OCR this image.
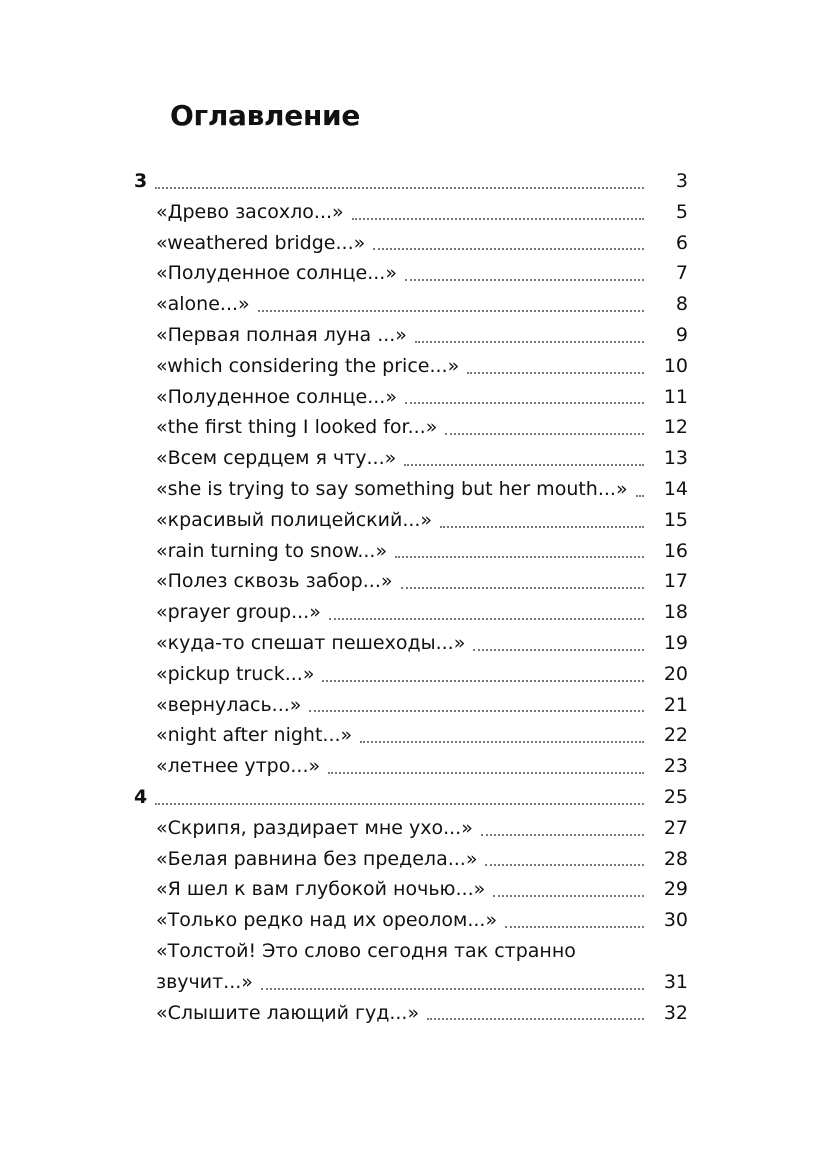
Оглавление
3	3
«Древо засохло...»	5
«weathered bridge...»	6
«Полуденное солнце...»	7
«alone...»	8
«Первая полная луна ...»	9
«which considering the price...»	10
«Полуденное солнце...»	11
«the first thing I looked for...»	12
«Всем сердцем я чту...»	13
«she is trying to say something but her mouth...» 14
«красивый полицейский...»	15
«rain turning to snow...»	16
«Полез сквозь забор...»	17
«prayer group...»	18
«куда-то спешат пешеходы...»	19
«pickup truck...»	20
«вернулась...»	21
«night after night...»	22
«летнее утро...»	23
4	25
«Скрипя, раздирает мне ухо...»	27
«Белая равнина без предела...»	28
«Я шел к вам глубокой ночью...»	29
«Только редко над их ореолом...»	30
«Толстой! Это слово сегодня так странно
звучит...»	31
«Слышите лающий гуд...»	32
